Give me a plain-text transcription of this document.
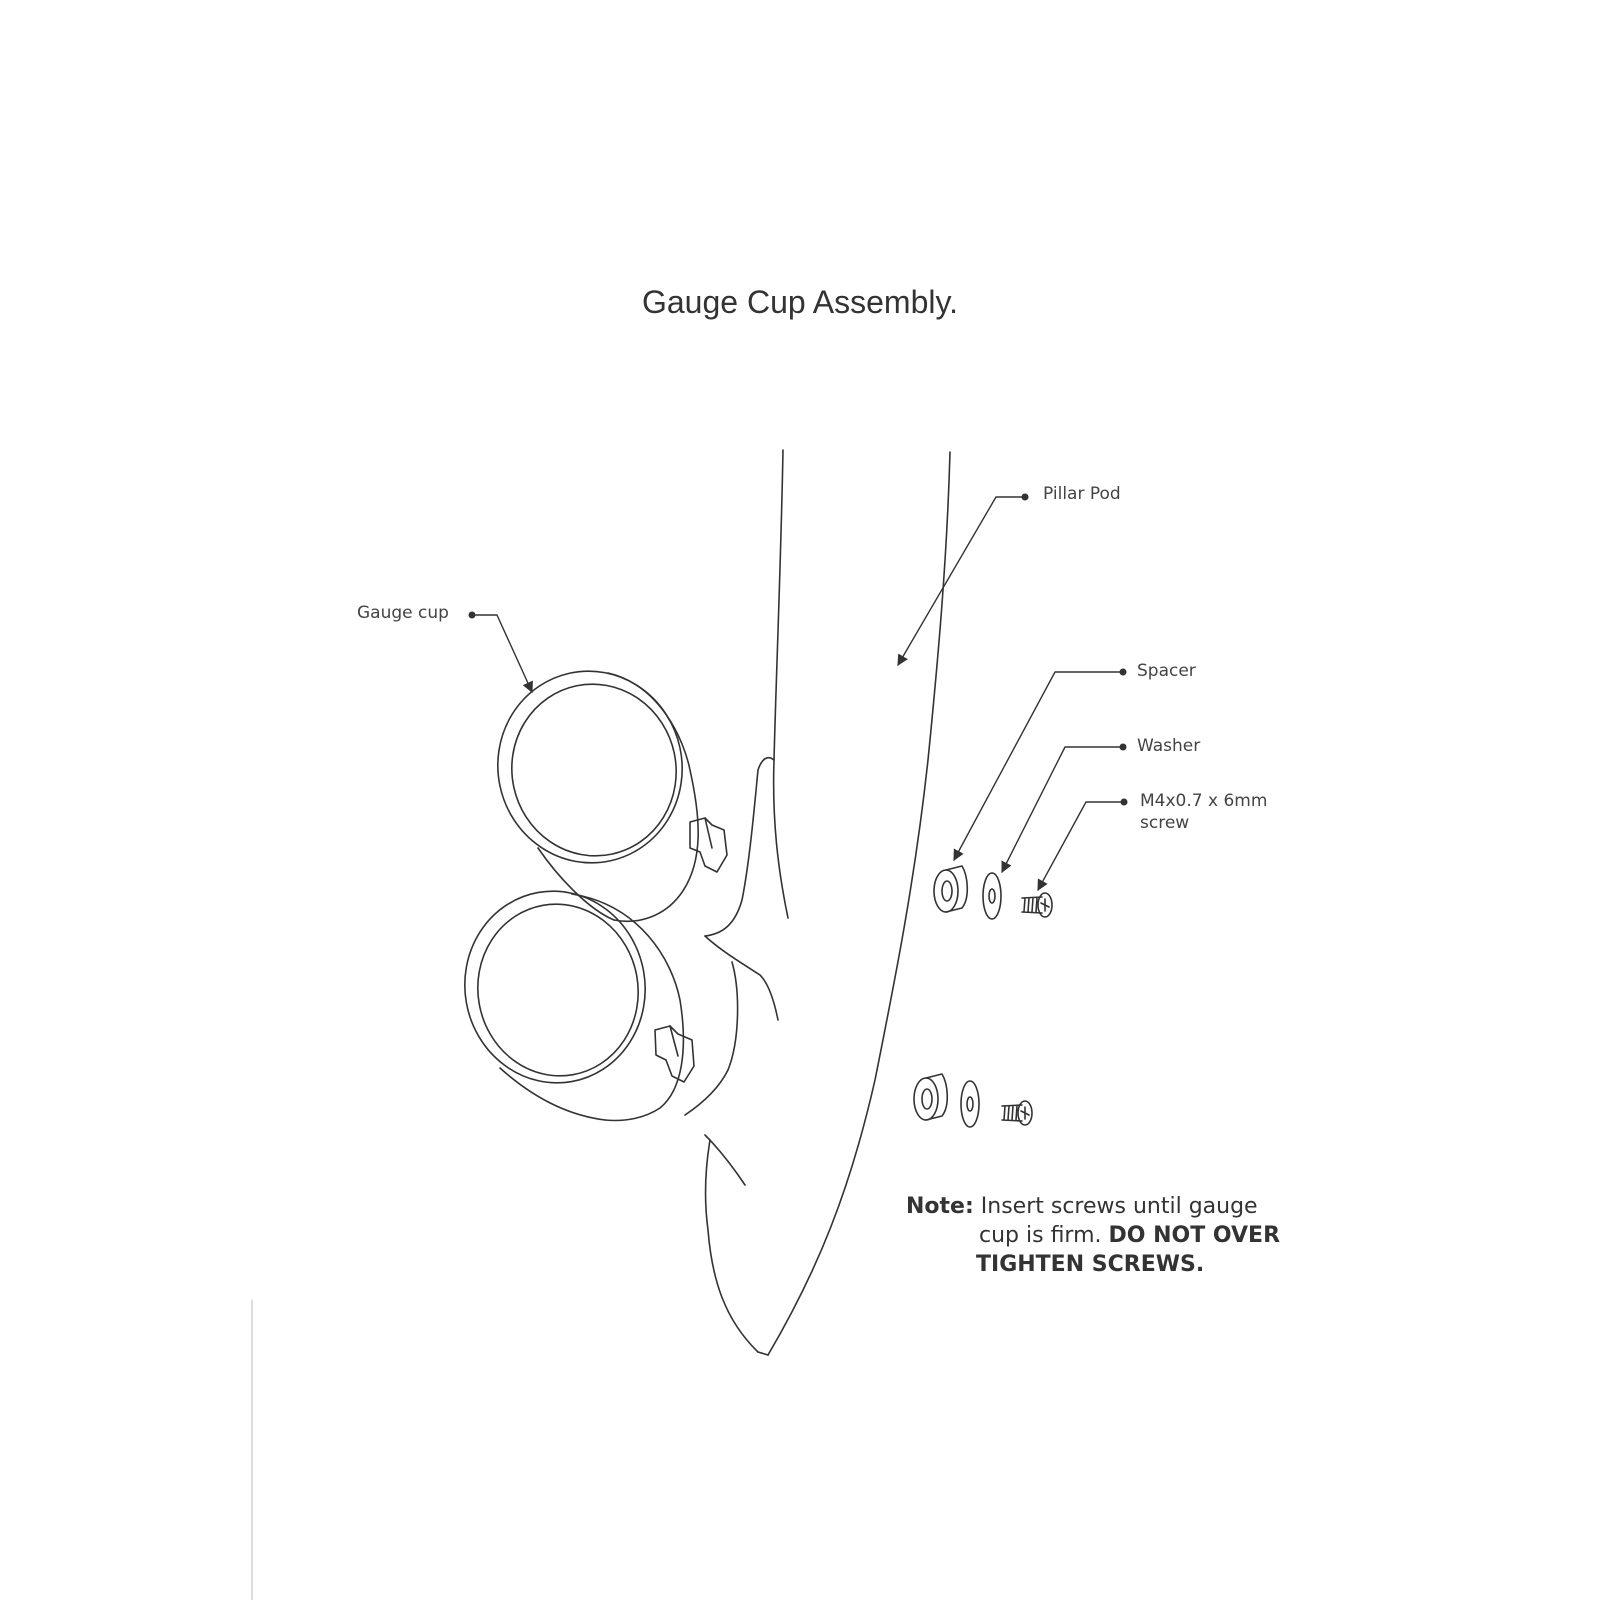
Gauge Cup Assembly.
Pillar Pod
Gauge cup
Spacer
Washer
M4x0.7 x 6mm
screw
Note: Insert screws until gauge
cup is firm. DO NOT OVER
TIGHTEN SCREWS.
